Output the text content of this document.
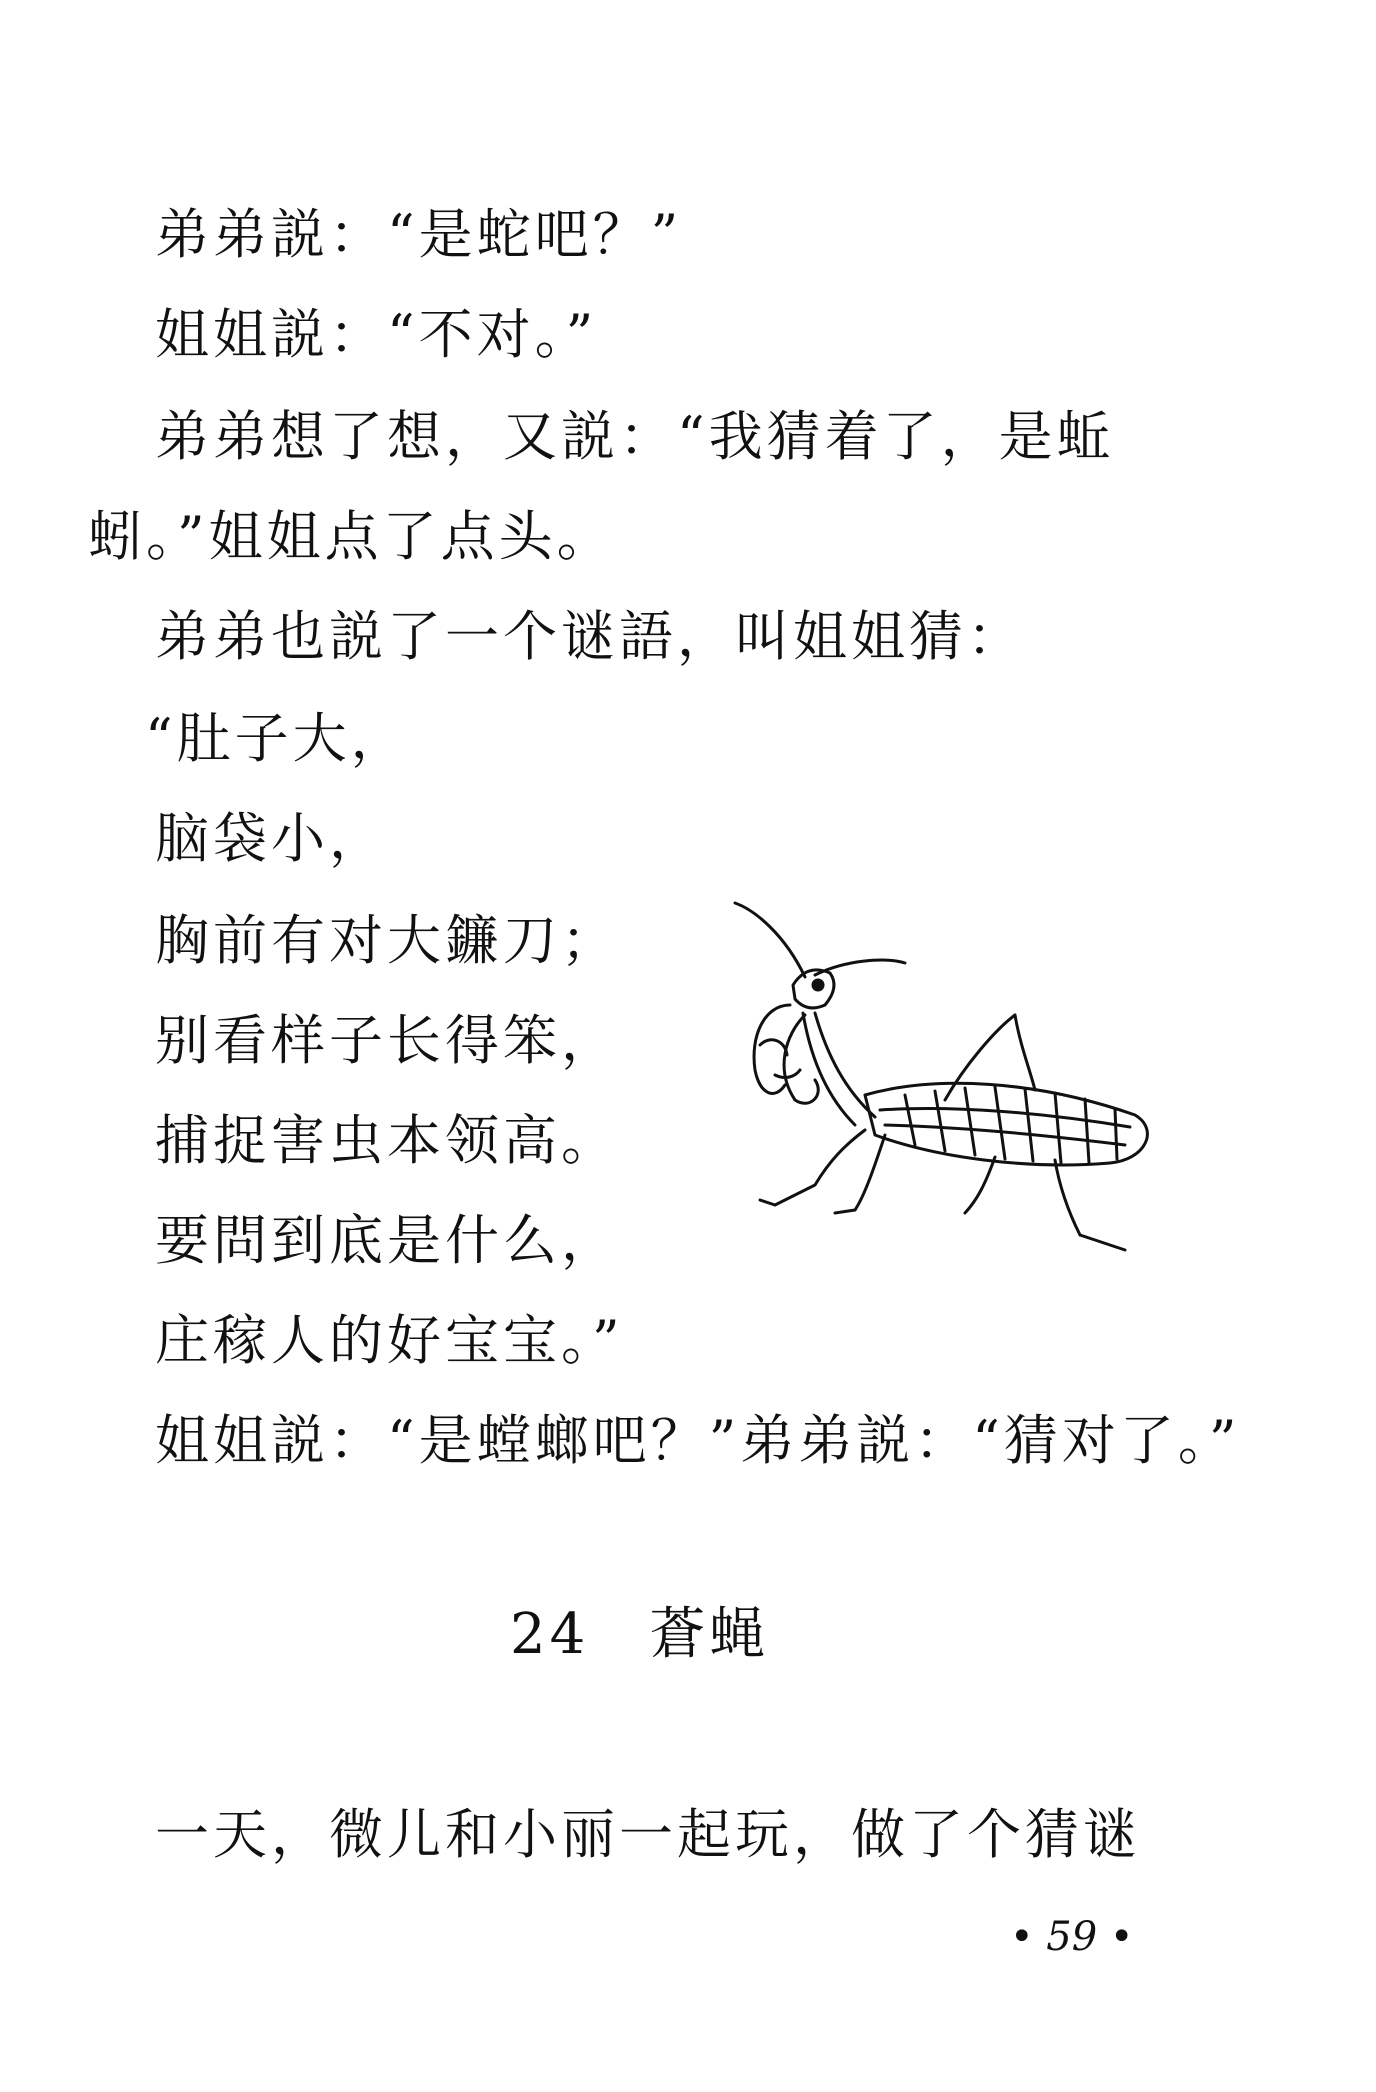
弟弟説：“是蛇吧？”
姐姐説：“不对。”
弟弟想了想，又説：“我猜着了，是蚯
蚓。”姐姐点了点头。
弟弟也説了一个谜語，叫姐姐猜：
“肚子大，
脑袋小，
胸前有对大鐮刀；
别看样子长得笨，
捕捉害虫本领高。
要問到底是什么，
庄稼人的好宝宝。”
姐姐説：“是螳螂吧？”弟弟説：“猜对了。”
24 蒼蝇
一天，微儿和小丽一起玩，做了个猜谜
• 59 •
